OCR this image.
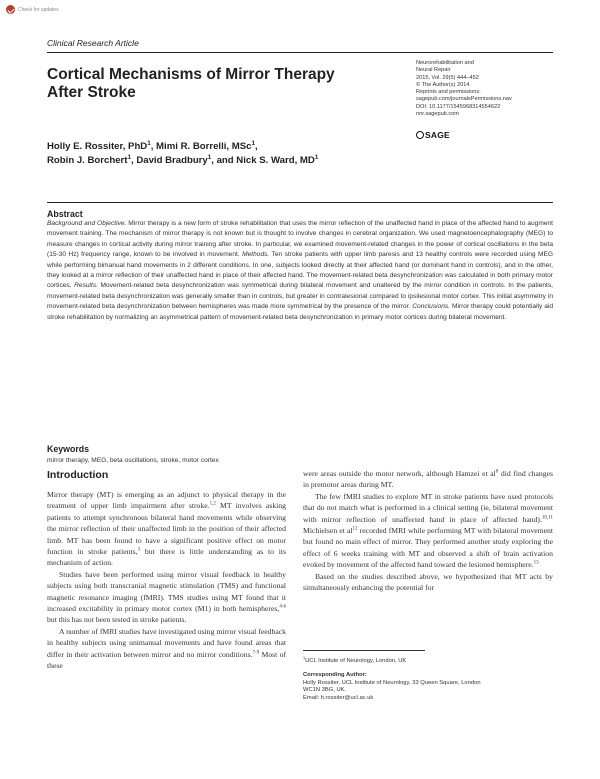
Check for updates
Clinical Research Article
Cortical Mechanisms of Mirror Therapy After Stroke
Neurorehabilitation and
Neural Repair
2015, Vol. 29(5) 444–452
© The Author(s) 2014
Reprints and permissions:
sagepub.com/journalsPermissions.nav
DOI: 10.1177/1545968314554622
nnr.sagepub.com
SAGE
Holly E. Rossiter, PhD$^1$, Mimi R. Borrelli, MSc$^1$,
Robin J. Borchert$^1$, David Bradbury$^1$, and Nick S. Ward, $MD^1$
Abstract
Background and Objective. Mirror therapy is a new form of stroke rehabilitation that uses the mirror reflection of the unaffected hand in place of the affected hand to augment movement training. The mechanism of mirror therapy is not known but is thought to involve changes in cerebral organization. We used magnetoencephalography (MEG) to measure changes in cortical activity during mirror training after stroke. In particular, we examined movement-related changes in the power of cortical oscillations in the beta (15-30 Hz) frequency range, known to be involved in movement. Methods. Ten stroke patients with upper limb paresis and 13 healthy controls were recorded using MEG while performing bimanual hand movements in 2 different conditions. In one, subjects looked directly at their affected hand (or dominant hand in controls), and in the other, they looked at a mirror reflection of their unaffected hand in place of their affected hand. The movement-related beta desynchronization was calculated in both primary motor cortices. Results. Movement-related beta desynchronization was symmetrical during bilateral movement and unaltered by the mirror condition in controls. In the patients, movement-related beta desynchronization was generally smaller than in controls, but greater in contralesional compared to ipsilesional motor cortex. This initial asymmetry in movement-related beta desynchronization between hemispheres was made more symmetrical by the presence of the mirror. Conclusions. Mirror therapy could potentially aid stroke rehabilitation by normalizing an asymmetrical pattern of movement-related beta desynchronization in primary motor cortices during bilateral movement.
Keywords
mirror therapy, MEG, beta oscillations, stroke, motor cortex
Introduction

Mirror therapy (MT) is emerging as an adjunct to physical therapy in the treatment of upper limb impairment after stroke.$^{1,2}$ MT involves asking patients to attempt synchronous bilateral hand movements while observing the mirror reflection of their unaffected limb in the position of their affected limb. MT has been found to have a significant positive effect on motor function in stroke patients,$^3$ but there is little understanding as to its mechanism of action.

Studies have been performed using mirror visual feedback in healthy subjects using both transcranial magnetic stimulation (TMS) and functional magnetic resonance imaging (fMRI). TMS studies using MT found that it increased excitability in primary motor cortex (M1) in both hemispheres,$^{4-6}$ but this has not been tested in stroke patients.

A number of fMRI studies have investigated using mirror visual feedback in healthy subjects using unimanual movements and have found areas that differ in their activation between mirror and no mirror conditions.$^{7-9}$ Most of these

were areas outside the motor network, although Hamzei et $al^8$ did find changes in premotor areas during MT.

The few fMRI studies to explore MT in stroke patients have used protocols that do not match what is performed in a clinical setting (ie, bilateral movement with mirror reflection of unaffected hand in place of affected hand).$^{10,11}$ Michielsen et $al^{12}$ recorded fMRI while performing MT with bilateral movement but found no main effect of mirror. They performed another study exploring the effect of 6 weeks training with MT and observed a shift of brain activation evoked by movement of the affected hand toward the lesioned hemisphere.$^{13}$

Based on the studies described above, we hypothesized that MT acts by simultaneously enhancing the potential for

$^1$UCL Institute of Neurology, London, UK
Corresponding Author:
Holly Rossiter, UCL Institute of Neurology, 33 Queen Square, London
WC1N 3BG, UK.
Email: h.rossiter@ucl.ac.uk
